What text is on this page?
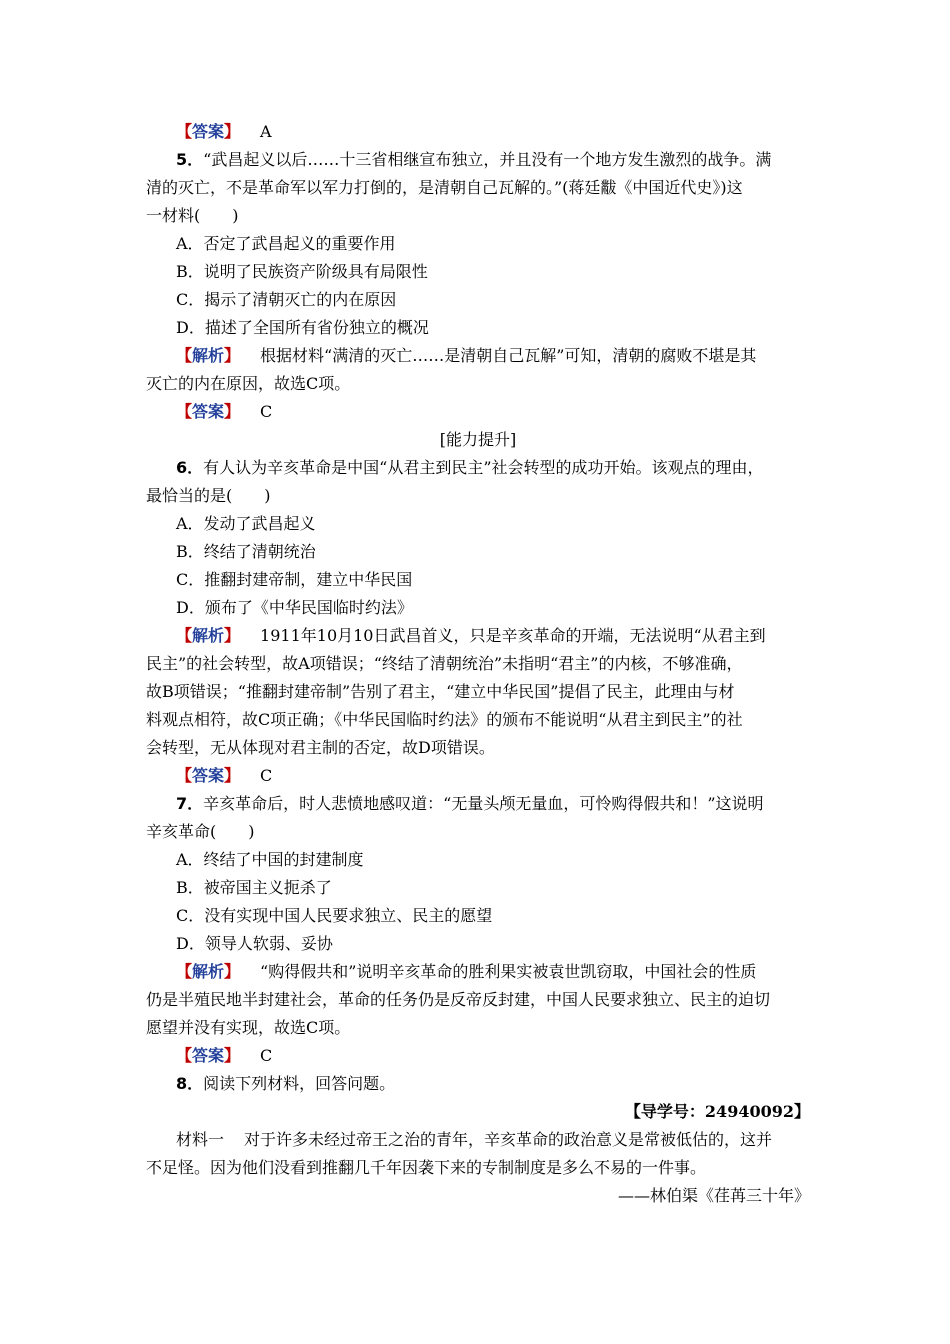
【答案】 A
5．“武昌起义以后……十三省相继宣布独立，并且没有一个地方发生激烈的战争。满
清的灭亡，不是革命军以军力打倒的，是清朝自己瓦解的。”(蒋廷黻《中国近代史》)这
一材料(　　)
A．否定了武昌起义的重要作用
B．说明了民族资产阶级具有局限性
C．揭示了清朝灭亡的内在原因
D．描述了全国所有省份独立的概况
【解析】 根据材料“满清的灭亡……是清朝自己瓦解”可知，清朝的腐败不堪是其
灭亡的内在原因，故选C项。
【答案】 C
[能力提升]
6．有人认为辛亥革命是中国“从君主到民主”社会转型的成功开始。该观点的理由，
最恰当的是(　　)
A．发动了武昌起义
B．终结了清朝统治
C．推翻封建帝制，建立中华民国
D．颁布了《中华民国临时约法》
【解析】 1911年10月10日武昌首义，只是辛亥革命的开端，无法说明“从君主到
民主”的社会转型，故A项错误；“终结了清朝统治”未指明“君主”的内核，不够准确，
故B项错误；“推翻封建帝制”告别了君主，“建立中华民国”提倡了民主，此理由与材
料观点相符，故C项正确；《中华民国临时约法》的颁布不能说明“从君主到民主”的社
会转型，无从体现对君主制的否定，故D项错误。
【答案】 C
7．辛亥革命后，时人悲愤地感叹道：“无量头颅无量血，可怜购得假共和！”这说明
辛亥革命(　　)
A．终结了中国的封建制度
B．被帝国主义扼杀了
C．没有实现中国人民要求独立、民主的愿望
D．领导人软弱、妥协
【解析】 “购得假共和”说明辛亥革命的胜利果实被袁世凯窃取，中国社会的性质
仍是半殖民地半封建社会，革命的任务仍是反帝反封建，中国人民要求独立、民主的迫切
愿望并没有实现，故选C项。
【答案】 C
8．阅读下列材料，回答问题。
【导学号：24940092】
材料一 对于许多未经过帝王之治的青年，辛亥革命的政治意义是常被低估的，这并
不足怪。因为他们没看到推翻几千年因袭下来的专制制度是多么不易的一件事。
——林伯渠《荏苒三十年》
